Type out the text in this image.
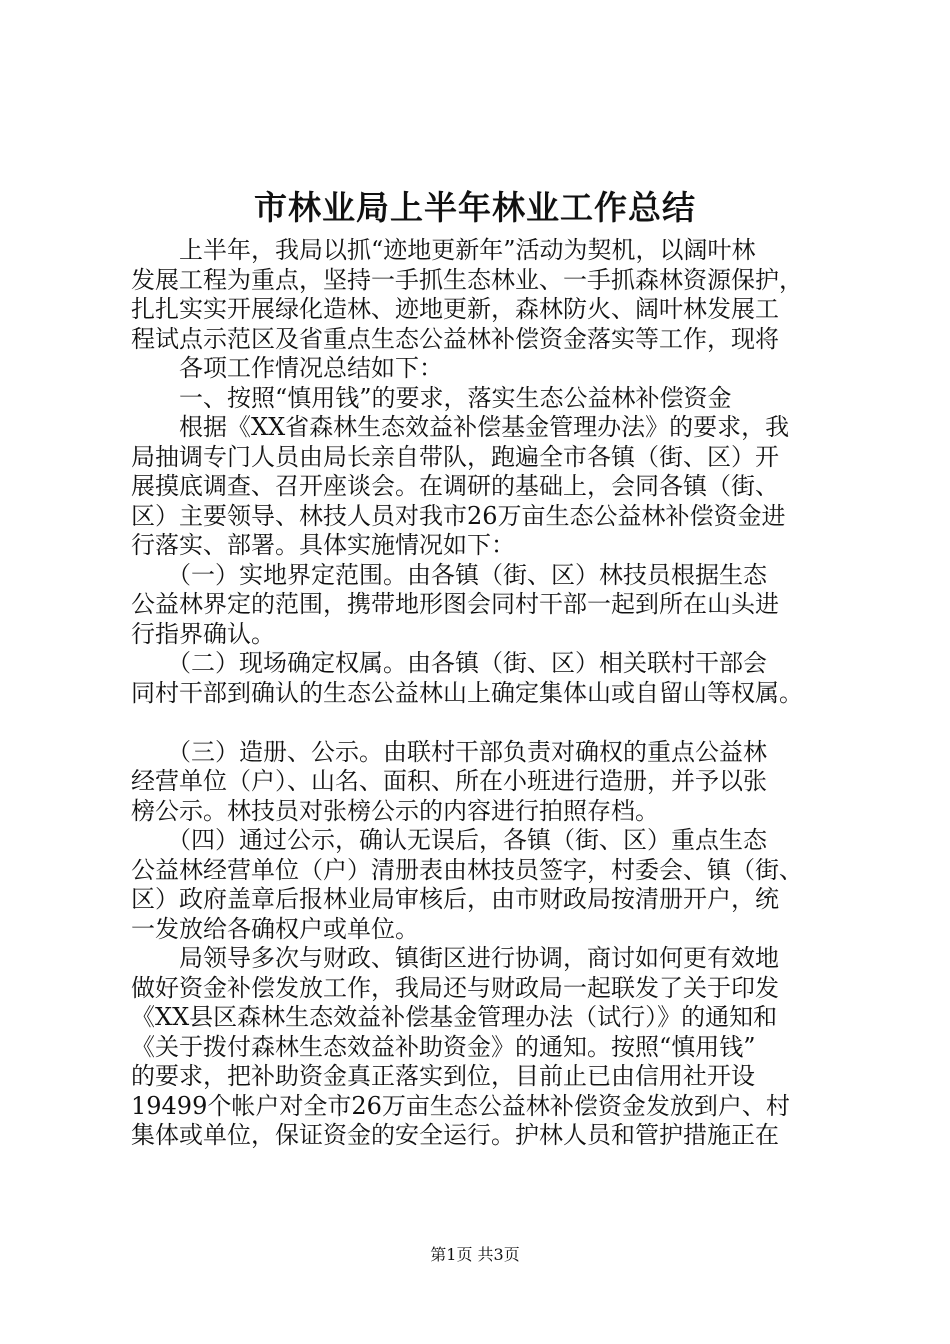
市林业局上半年林业工作总结
　　上半年，我局以抓“迹地更新年”活动为契机，以阔叶林
发展工程为重点，坚持一手抓生态林业、一手抓森林资源保护，
扎扎实实开展绿化造林、迹地更新，森林防火、阔叶林发展工
程试点示范区及省重点生态公益林补偿资金落实等工作，现将
　　各项工作情况总结如下：
　　一、按照“慎用钱”的要求，落实生态公益林补偿资金
　　根据《XX省森林生态效益补偿基金管理办法》的要求，我
局抽调专门人员由局长亲自带队，跑遍全市各镇（街、区）开
展摸底调查、召开座谈会。在调研的基础上，会同各镇（街、
区）主要领导、林技人员对我市26万亩生态公益林补偿资金进
行落实、部署。具体实施情况如下：
　　（一）实地界定范围。由各镇（街、区）林技员根据生态
公益林界定的范围，携带地形图会同村干部一起到所在山头进
行指界确认。
　　（二）现场确定权属。由各镇（街、区）相关联村干部会
同村干部到确认的生态公益林山上确定集体山或自留山等权属。
　　（三）造册、公示。由联村干部负责对确权的重点公益林
经营单位（户）、山名、面积、所在小班进行造册，并予以张
榜公示。林技员对张榜公示的内容进行拍照存档。
　　（四）通过公示，确认无误后，各镇（街、区）重点生态
公益林经营单位（户）清册表由林技员签字，村委会、镇（街、
区）政府盖章后报林业局审核后，由市财政局按清册开户，统
一发放给各确权户或单位。
　　局领导多次与财政、镇街区进行协调，商讨如何更有效地
做好资金补偿发放工作，我局还与财政局一起联发了关于印发
《XX县区森林生态效益补偿基金管理办法（试行）》的通知和
《关于拨付森林生态效益补助资金》的通知。按照“慎用钱”
的要求，把补助资金真正落实到位，目前止已由信用社开设
19499个帐户对全市26万亩生态公益林补偿资金发放到户、村
集体或单位，保证资金的安全运行。护林人员和管护措施正在
第1页 共3页
